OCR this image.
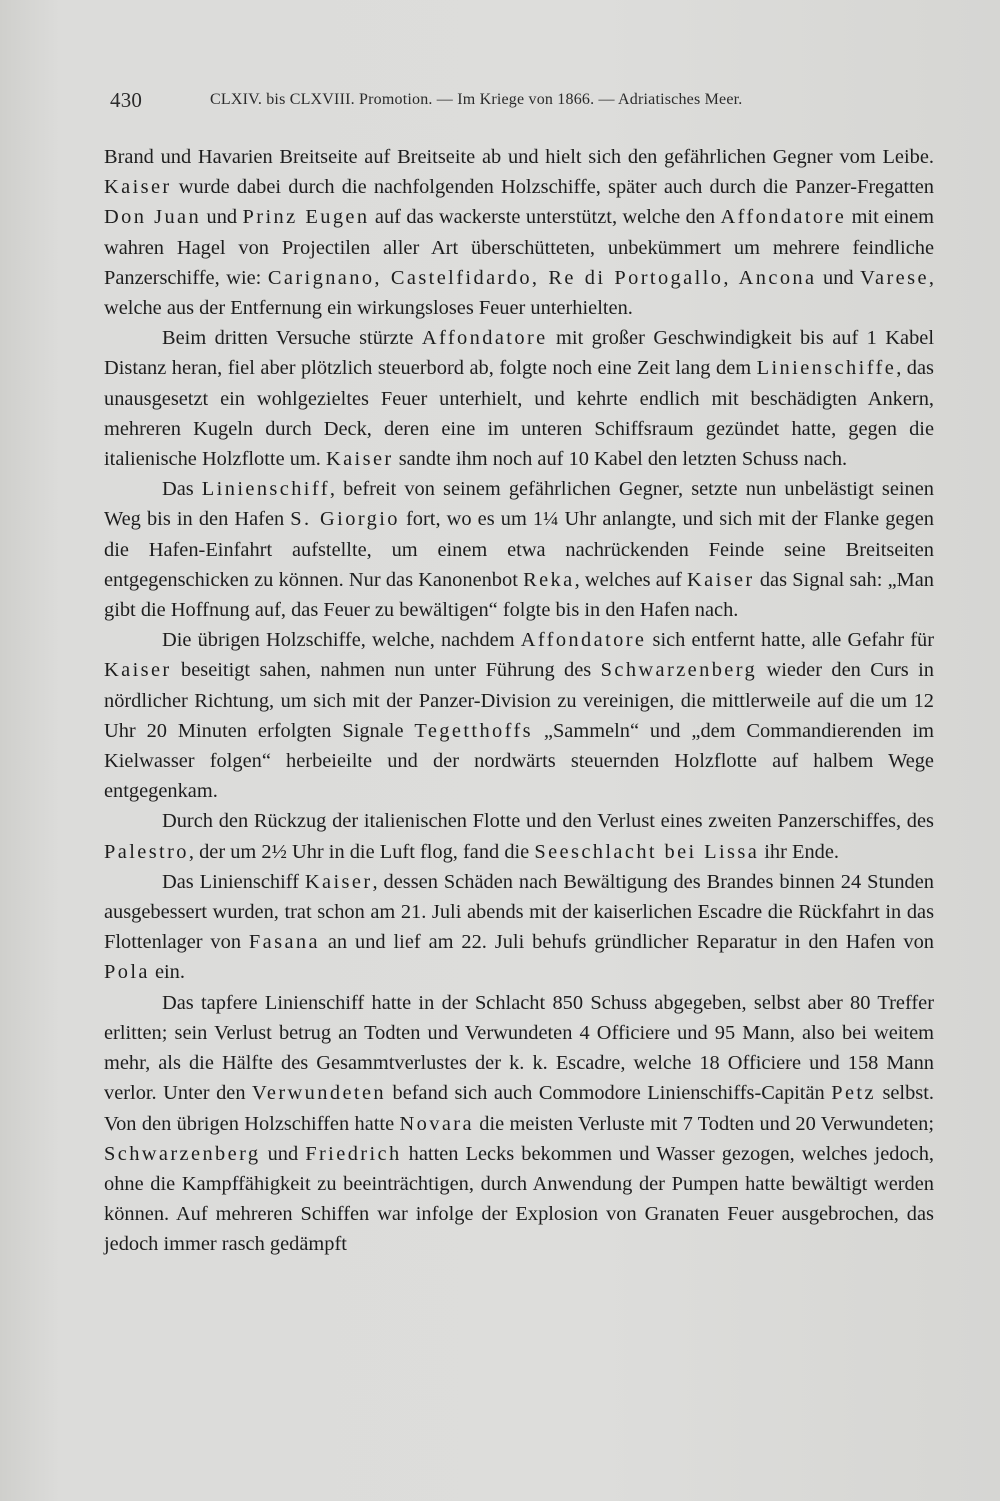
430	CLXIV. bis CLXVIII. Promotion. — Im Kriege von 1866. — Adriatisches Meer.

Brand und Havarien Breitseite auf Breitseite ab und hielt sich den gefährlichen Gegner vom Leibe. Kaiser wurde dabei durch die nachfolgenden Holzschiffe, später auch durch die Panzer-Fregatten Don Juan und Prinz Eugen auf das wackerste unterstützt, welche den Affondatore mit einem wahren Hagel von Projectilen aller Art überschütteten, unbekümmert um mehrere feindliche Panzerschiffe, wie: Carignano, Castelfidardo, Re di Portogallo, Ancona und Varese, welche aus der Entfernung ein wirkungsloses Feuer unterhielten.

Beim dritten Versuche stürzte Affondatore mit großer Geschwindigkeit bis auf 1 Kabel Distanz heran, fiel aber plötzlich steuerbord ab, folgte noch eine Zeit lang dem Linienschiffe, das unausgesetzt ein wohlgezieltes Feuer unterhielt, und kehrte endlich mit beschädigten Ankern, mehreren Kugeln durch Deck, deren eine im unteren Schiffsraum gezündet hatte, gegen die italienische Holzflotte um. Kaiser sandte ihm noch auf 10 Kabel den letzten Schuss nach.

Das Linienschiff, befreit von seinem gefährlichen Gegner, setzte nun unbelästigt seinen Weg bis in den Hafen S. Giorgio fort, wo es um 1¼ Uhr anlangte, und sich mit der Flanke gegen die Hafen-Einfahrt aufstellte, um einem etwa nachrückenden Feinde seine Breitseiten entgegenschicken zu können. Nur das Kanonenbot Reka, welches auf Kaiser das Signal sah: „Man gibt die Hoffnung auf, das Feuer zu bewältigen“ folgte bis in den Hafen nach.

Die übrigen Holzschiffe, welche, nachdem Affondatore sich entfernt hatte, alle Gefahr für Kaiser beseitigt sahen, nahmen nun unter Führung des Schwarzenberg wieder den Curs in nördlicher Richtung, um sich mit der Panzer-Division zu vereinigen, die mittlerweile auf die um 12 Uhr 20 Minuten erfolgten Signale Tegetthoffs „Sammeln“ und „dem Commandierenden im Kielwasser folgen“ herbeieilte und der nordwärts steuernden Holzflotte auf halbem Wege entgegenkam.

Durch den Rückzug der italienischen Flotte und den Verlust eines zweiten Panzerschiffes, des Palestro, der um 2½ Uhr in die Luft flog, fand die Seeschlacht bei Lissa ihr Ende.

Das Linienschiff Kaiser, dessen Schäden nach Bewältigung des Brandes binnen 24 Stunden ausgebessert wurden, trat schon am 21. Juli abends mit der kaiserlichen Escadre die Rückfahrt in das Flottenlager von Fasana an und lief am 22. Juli behufs gründlicher Reparatur in den Hafen von Pola ein.

Das tapfere Linienschiff hatte in der Schlacht 850 Schuss abgegeben, selbst aber 80 Treffer erlitten; sein Verlust betrug an Todten und Verwundeten 4 Officiere und 95 Mann, also bei weitem mehr, als die Hälfte des Gesammtverlustes der k. k. Escadre, welche 18 Officiere und 158 Mann verlor. Unter den Verwundeten befand sich auch Commodore Linienschiffs-Capitän Petz selbst. Von den übrigen Holzschiffen hatte Novara die meisten Verluste mit 7 Todten und 20 Verwundeten; Schwarzenberg und Friedrich hatten Lecks bekommen und Wasser gezogen, welches jedoch, ohne die Kampffähigkeit zu beeinträchtigen, durch Anwendung der Pumpen hatte bewältigt werden können. Auf mehreren Schiffen war infolge der Explosion von Granaten Feuer ausgebrochen, das jedoch immer rasch gedämpft
